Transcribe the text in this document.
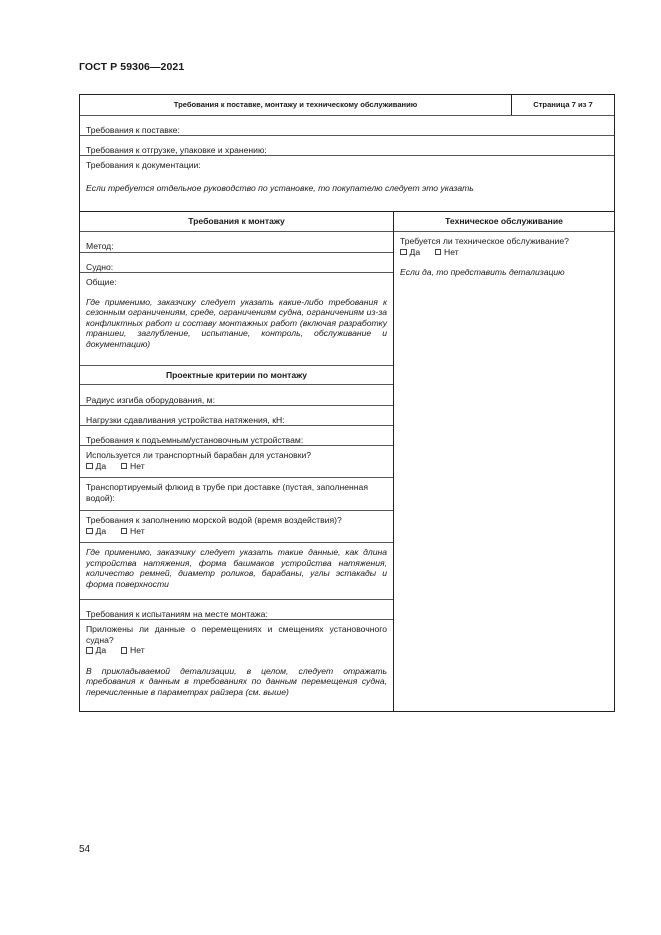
ГОСТ Р 59306—2021
Требования к поставке, монтажу и техническому обслуживанию	Страница 7 из 7
Требования к поставке:
Требования к отгрузке, упаковке и хранению:
Требования к документации:
Если требуется отдельное руководство по установке, то покупателю следует это указать
Требования к монтажу
Метод:
Судно:
Общие:
Где применимо, заказчику следует указать какие-либо требования к сезонным ограничениям, среде, ограничениям судна, ограничениям из-за конфликтных работ и составу монтажных работ (включая разработку траншеи, заглубление, испытание, контроль, обслуживание и документацию)
Проектные критерии по монтажу
Радиус изгиба оборудования, м:
Нагрузки сдавливания устройства натяжения, кН:
Требования к подъемным/установочным устройствам:
Используется ли транспортный барабан для установки?
Да	Нет
Транспортируемый флюид в трубе при доставке (пустая, заполненная водой):
Требования к заполнению морской водой (время воздействия)?
Да	Нет
Где применимо, заказчику следует указать такие данные, как длина устройства натяжения, форма башмаков устройства натяжения, количество ремней, диаметр роликов, барабаны, углы эстакады и форма поверхности
Требования к испытаниям на месте монтажа:
Приложены ли данные о перемещениях и смещениях установочного судна?
Да	Нет
В прикладываемой детализации, в целом, следует отражать требования к данным в требованиях по данным перемещения судна, перечисленные в параметрах райзера (см. выше)
Техническое обслуживание
Требуется ли техническое обслуживание?
Да	Нет
Если да, то представить детализацию
54
